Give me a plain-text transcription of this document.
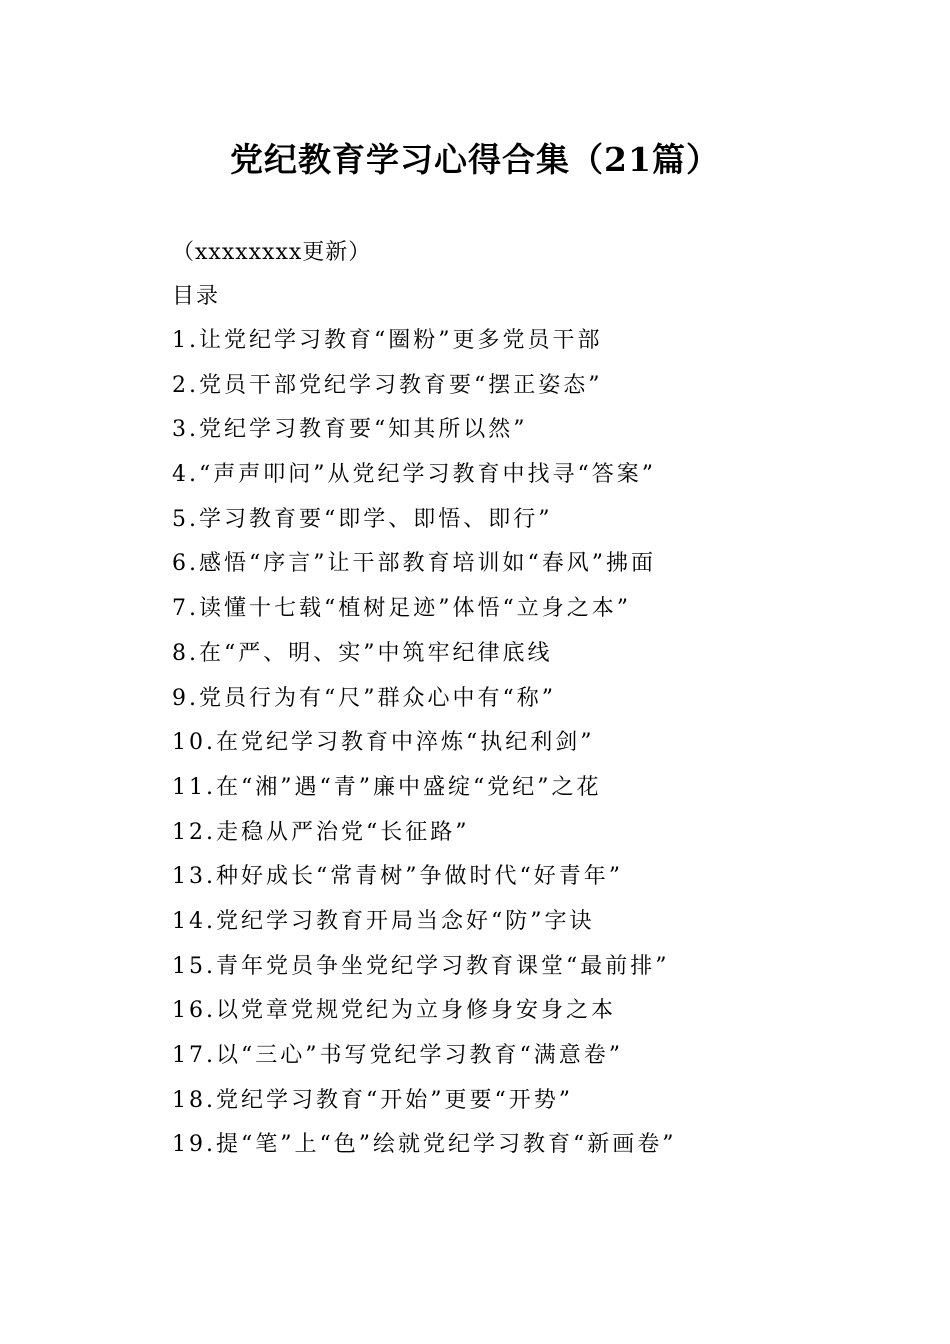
党纪教育学习心得合集（21篇）
（xxxxxxxx更新）
目录
1.让党纪学习教育“圈粉”更多党员干部
2.党员干部党纪学习教育要“摆正姿态”
3.党纪学习教育要“知其所以然”
4.“声声叩问”从党纪学习教育中找寻“答案”
5.学习教育要“即学、即悟、即行”
6.感悟“序言”让干部教育培训如“春风”拂面
7.读懂十七载“植树足迹”体悟“立身之本”
8.在“严、明、实”中筑牢纪律底线
9.党员行为有“尺”群众心中有“称”
10.在党纪学习教育中淬炼“执纪利剑”
11.在“湘”遇“青”廉中盛绽“党纪”之花
12.走稳从严治党“长征路”
13.种好成长“常青树”争做时代“好青年”
14.党纪学习教育开局当念好“防”字诀
15.青年党员争坐党纪学习教育课堂“最前排”
16.以党章党规党纪为立身修身安身之本
17.以“三心”书写党纪学习教育“满意卷”
18.党纪学习教育“开始”更要“开势”
19.提“笔”上“色”绘就党纪学习教育“新画卷”
